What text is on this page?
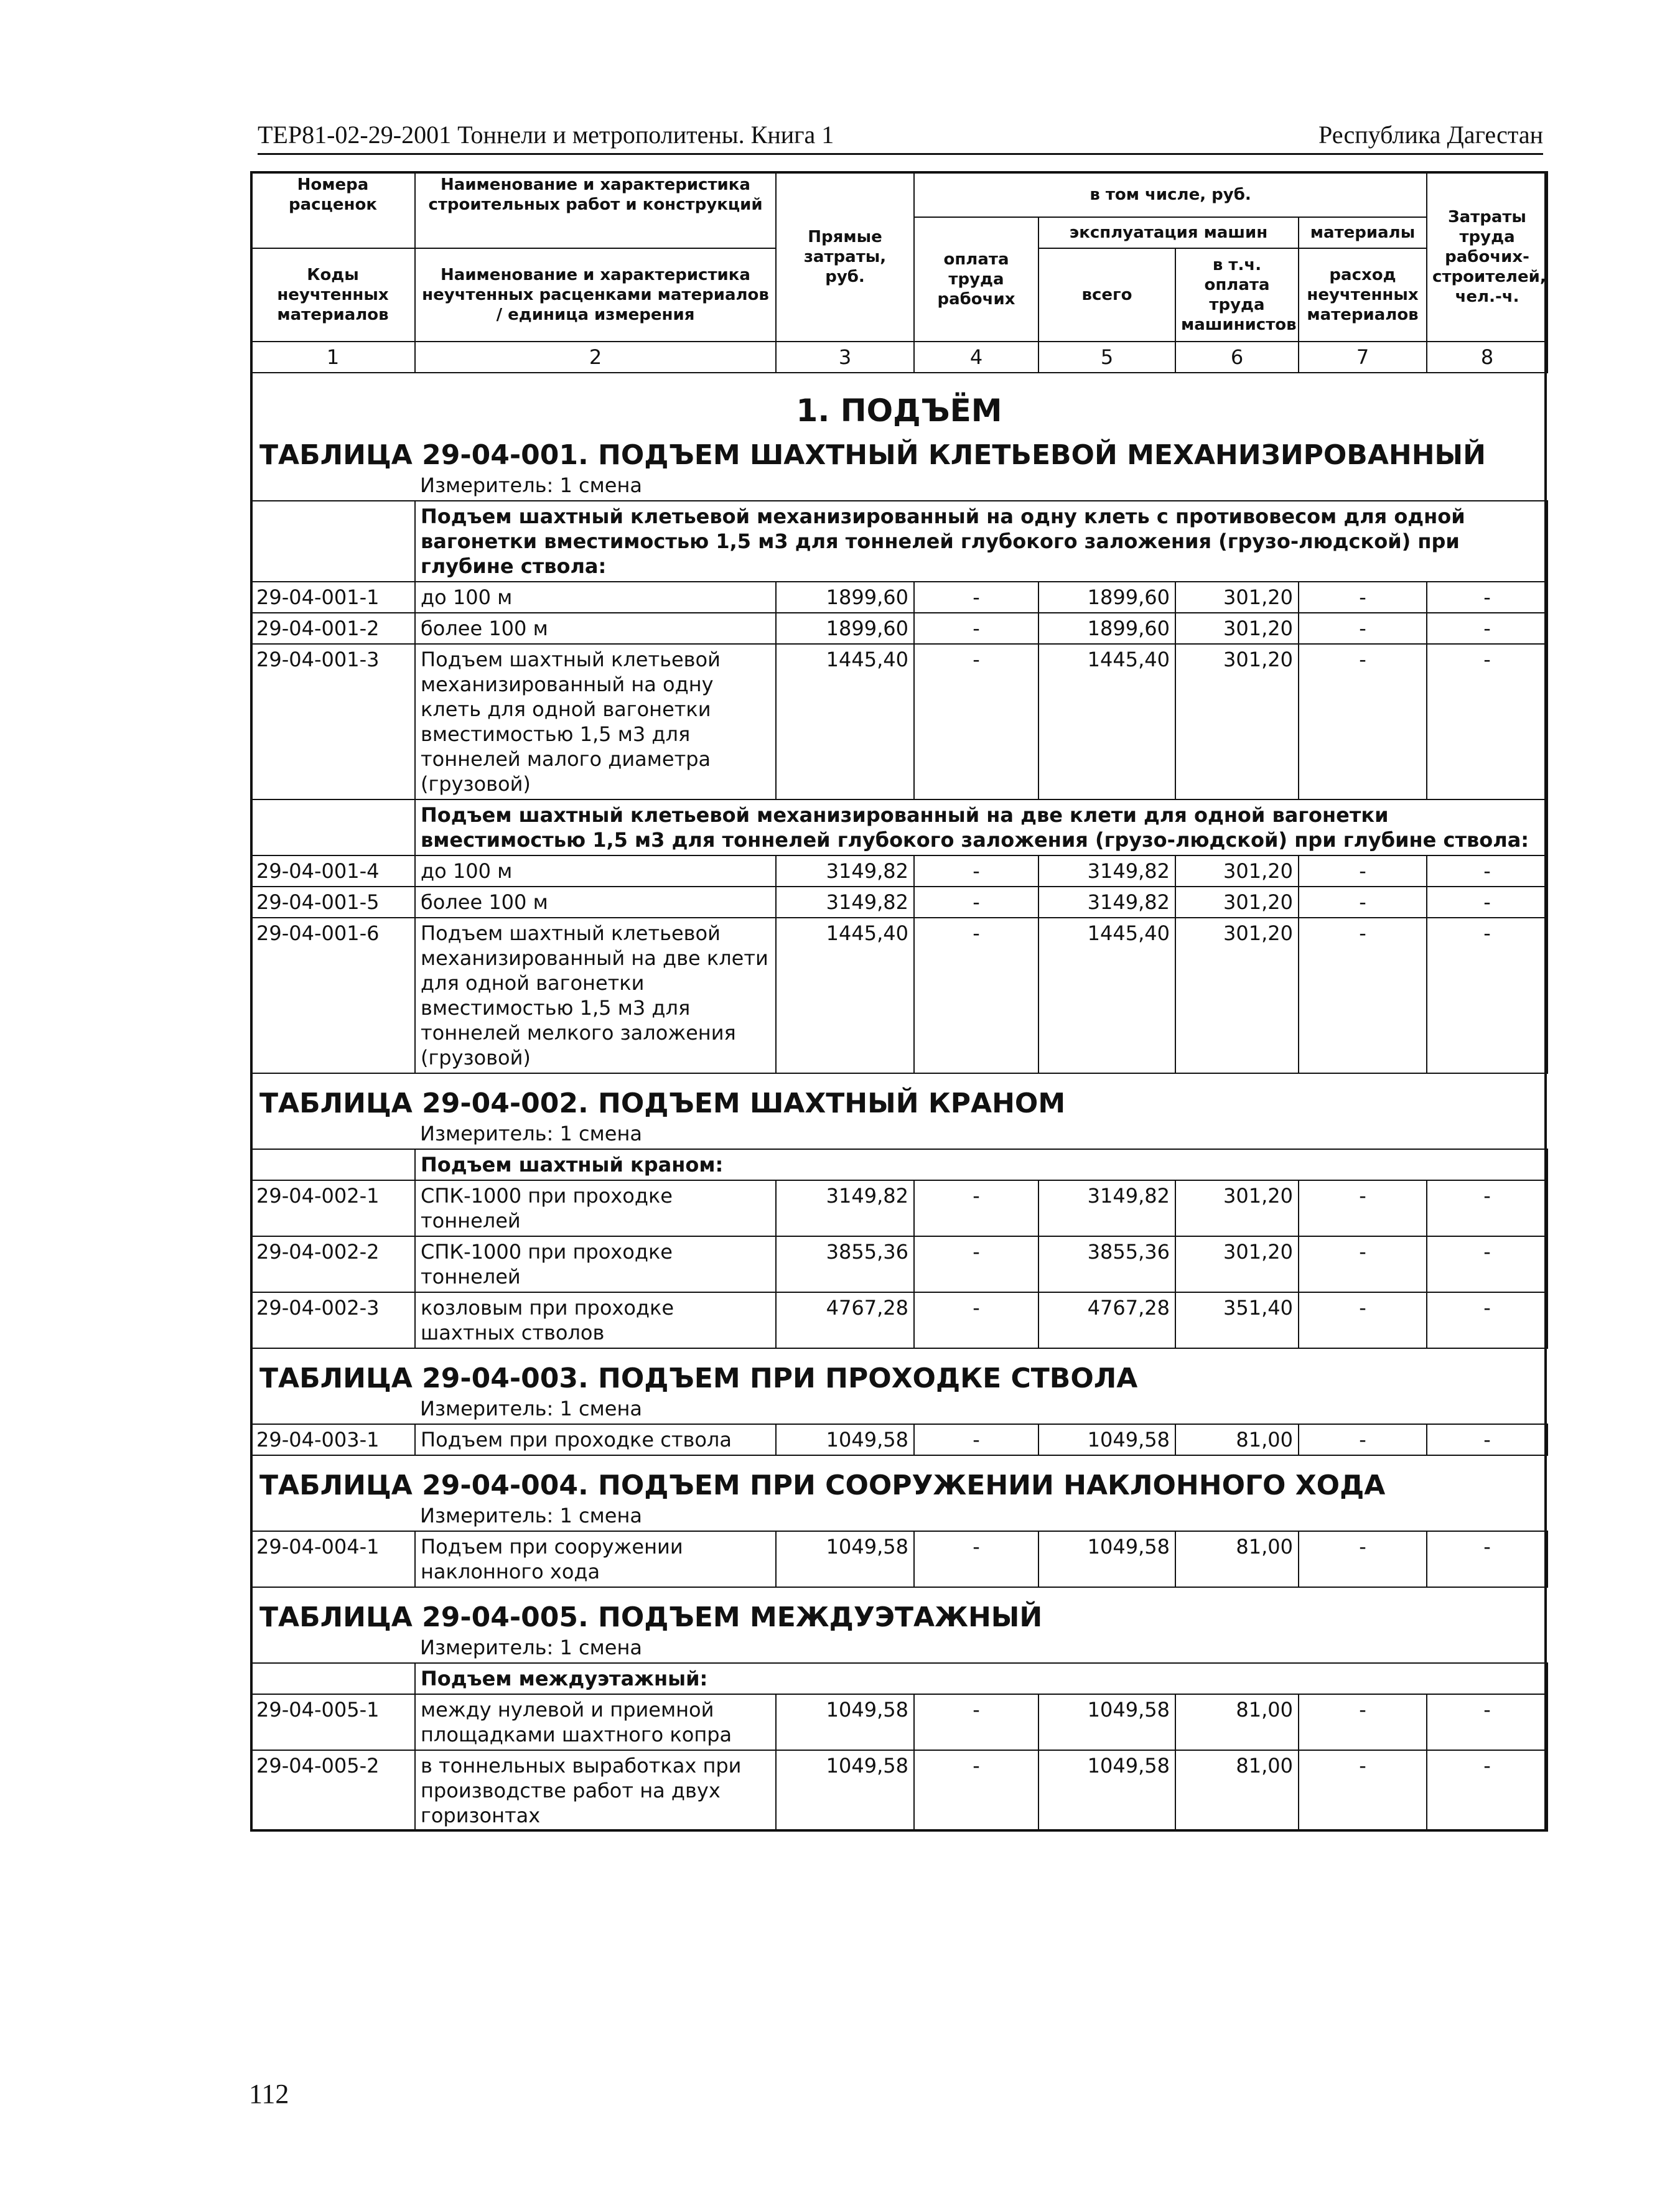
ТЕР81-02-29-2001 Тоннели и метрополитены. Книга 1	Республика Дагестан
Номера расценок	Наименование и характеристика строительных работ и конструкций	Прямые затраты, руб.	в том числе, руб.				Затраты труда рабочих-строителей, чел.-ч.
			оплата труда рабочих	эксплуатация машин		материалы	
Коды неучтенных материалов	Наименование и характеристика неучтенных расценками материалов / единица измерения			всего	в т.ч. оплата труда машинистов	расход неучтенных материалов	
1	2	3	4	5	6	7	8
1. ПОДЪЁМ							
ТАБЛИЦА 29-04-001. ПОДЪЕМ ШАХТНЫЙ КЛЕТЬЕВОЙ МЕХАНИЗИРОВАННЫЙ							
	Измеритель: 1 смена						
	Подъем шахтный клетьевой механизированный на одну клеть с противовесом для одной вагонетки вместимостью 1,5 м3 для тоннелей глубокого заложения (грузо-людской) при глубине ствола:						
29-04-001-1	до 100 м	1899,60	-	1899,60	301,20	-	-
29-04-001-2	более 100 м	1899,60	-	1899,60	301,20	-	-
29-04-001-3	Подъем шахтный клетьевой механизированный на одну клеть для одной вагонетки вместимостью 1,5 м3 для тоннелей малого диаметра (грузовой)	1445,40	-	1445,40	301,20	-	-
	Подъем шахтный клетьевой механизированный на две клети для одной вагонетки вместимостью 1,5 м3 для тоннелей глубокого заложения (грузо-людской) при глубине ствола:						
29-04-001-4	до 100 м	3149,82	-	3149,82	301,20	-	-
29-04-001-5	более 100 м	3149,82	-	3149,82	301,20	-	-
29-04-001-6	Подъем шахтный клетьевой механизированный на две клети для одной вагонетки вместимостью 1,5 м3 для тоннелей мелкого заложения (грузовой)	1445,40	-	1445,40	301,20	-	-
ТАБЛИЦА 29-04-002. ПОДЪЕМ ШАХТНЫЙ КРАНОМ							
	Измеритель: 1 смена						
	Подъем шахтный краном:						
29-04-002-1	СПК-1000 при проходке тоннелей	3149,82	-	3149,82	301,20	-	-
29-04-002-2	СПК-1000 при проходке тоннелей	3855,36	-	3855,36	301,20	-	-
29-04-002-3	козловым при проходке шахтных стволов	4767,28	-	4767,28	351,40	-	-
ТАБЛИЦА 29-04-003. ПОДЪЕМ ПРИ ПРОХОДКЕ СТВОЛА							
	Измеритель: 1 смена						
29-04-003-1	Подъем при проходке ствола	1049,58	-	1049,58	81,00	-	-
ТАБЛИЦА 29-04-004. ПОДЪЕМ ПРИ СООРУЖЕНИИ НАКЛОННОГО ХОДА							
	Измеритель: 1 смена						
29-04-004-1	Подъем при сооружении наклонного хода	1049,58	-	1049,58	81,00	-	-
ТАБЛИЦА 29-04-005. ПОДЪЕМ МЕЖДУЭТАЖНЫЙ							
	Измеритель: 1 смена						
	Подъем междуэтажный:						
29-04-005-1	между нулевой и приемной площадками шахтного копра	1049,58	-	1049,58	81,00	-	-
29-04-005-2	в тоннельных выработках при производстве работ на двух горизонтах	1049,58	-	1049,58	81,00	-	-
112
